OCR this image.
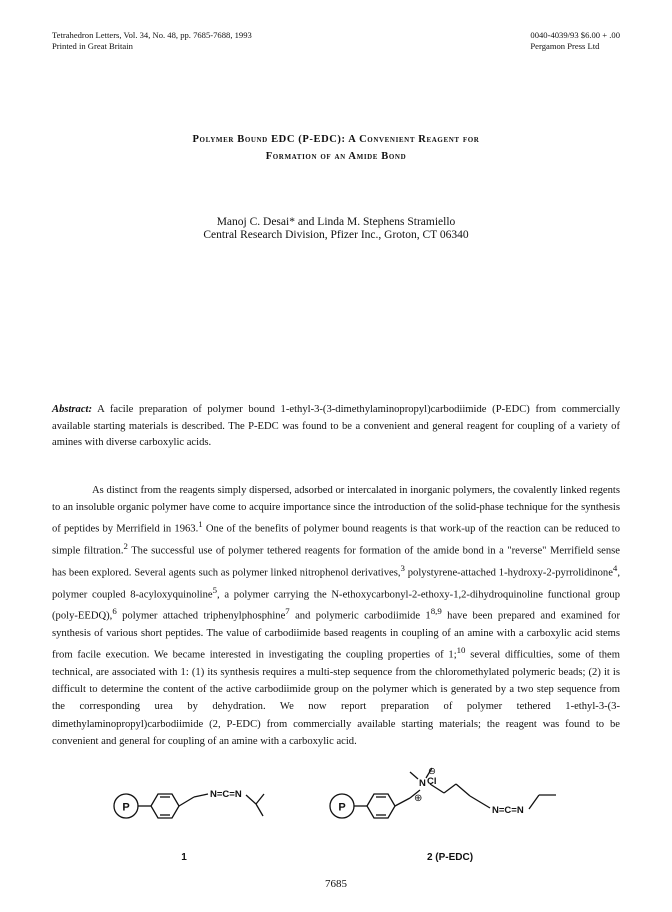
Tetrahedron Letters, Vol. 34, No. 48, pp. 7685-7688, 1993
Printed in Great Britain
0040-4039/93 $6.00 + .00
Pergamon Press Ltd
Polymer Bound EDC (P-EDC): A Convenient Reagent for
Formation of an Amide Bond
Manoj C. Desai* and Linda M. Stephens Stramiello
Central Research Division, Pfizer Inc., Groton, CT 06340
Abstract: A facile preparation of polymer bound 1-ethyl-3-(3-dimethylaminopropyl)carbodiimide (P-EDC) from commercially available starting materials is described. The P-EDC was found to be a convenient and general reagent for coupling of a variety of amines with diverse carboxylic acids.

As distinct from the reagents simply dispersed, adsorbed or intercalated in inorganic polymers, the covalently linked regents to an insoluble organic polymer have come to acquire importance since the introduction of the solid-phase technique for the synthesis of peptides by Merrifield in 1963.$^1$ One of the benefits of polymer bound reagents is that work-up of the reaction can be reduced to simple filtration.$^2$ The successful use of polymer tethered reagents for formation of the amide bond in a "reverse" Merrifield sense has been explored. Several agents such as polymer linked nitrophenol derivatives,$^3$ polystyrene-attached 1-hydroxy-2-pyrrolidinone$^4$, polymer coupled 8-acyloxyquinoline$^5$, a polymer carrying the N-ethoxycarbonyl-2-ethoxy-1,2-dihydroquinoline functional group (poly-EEDQ),$^6$ polymer attached triphenylphosphine$^7$ and polymeric carbodiimide 1$^{8,9}$ have been prepared and examined for synthesis of various short peptides. The value of carbodiimide based reagents in coupling of an amine with a carboxylic acid stems from facile execution. We became interested in investigating the coupling properties of 1;$^{10}$ several difficulties, some of them technical, are associated with 1: (1) its synthesis requires a multi-step sequence from the chloromethylated polymeric beads; (2) it is difficult to determine the content of the active carbodiimide group on the polymer which is generated by a two step sequence from the corresponding urea by dehydration. We now report preparation of polymer tethered 1-ethyl-3-(3-dimethylaminopropyl)carbodiimide (2, P-EDC) from commercially available starting materials; the reagent was found to be convenient and general for coupling of an amine with a carboxylic acid.

P
N=C=N
1
P
N
⊕
N=C=N
⊖
Cl
2 (P-EDC)
7685
